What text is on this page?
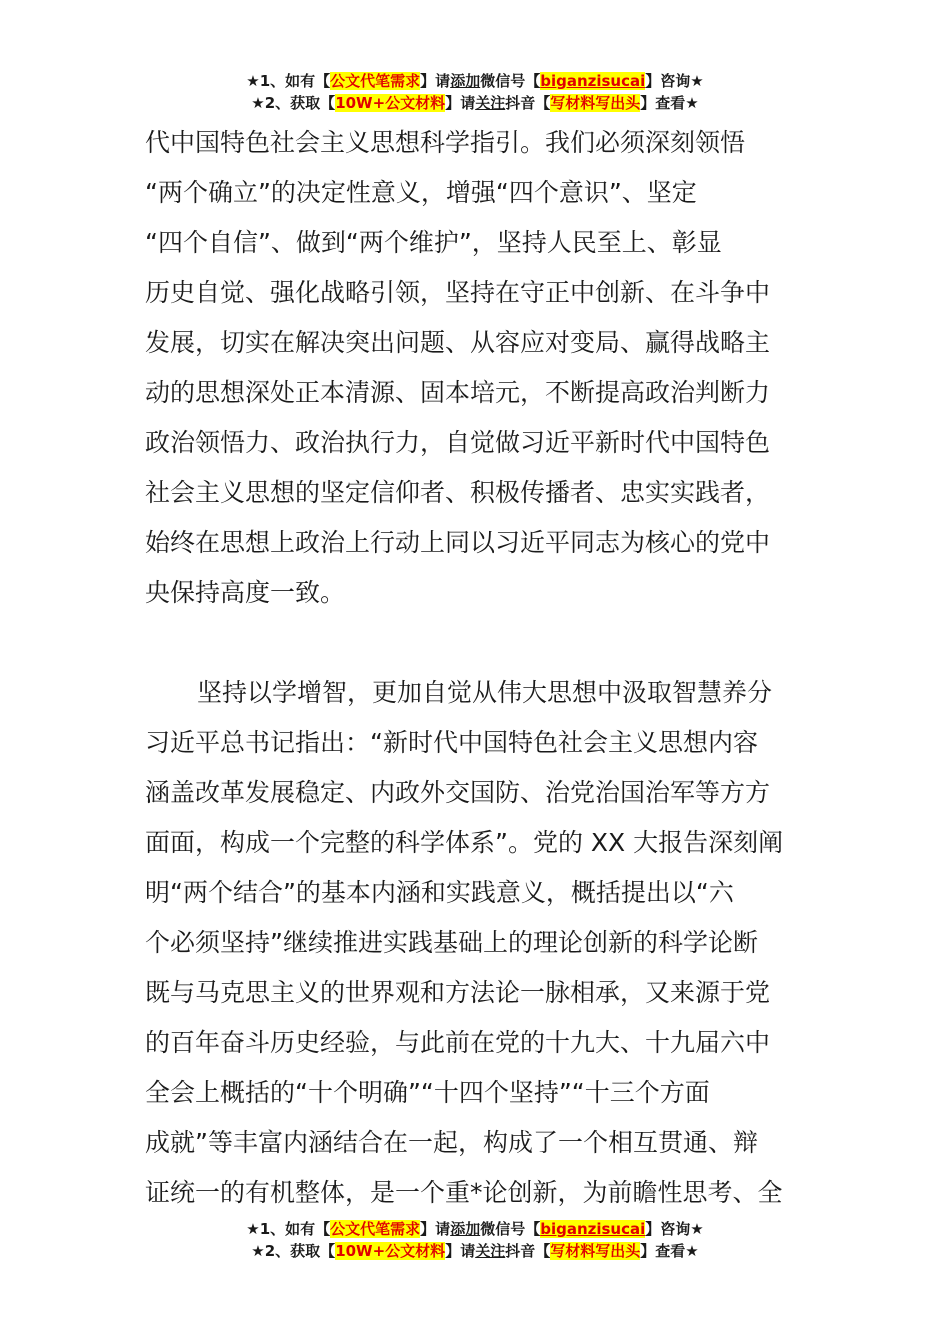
★1、如有【公文代笔需求】请添加微信号【biganzisucai】咨询★
★2、获取【10W+公文材料】请关注抖音【写材料写出头】查看★

代中国特色社会主义思想科学指引。我们必须深刻领悟
“两个确立”的决定性意义，增强“四个意识”、坚定
“四个自信”、做到“两个维护”，坚持人民至上、彰显
历史自觉、强化战略引领，坚持在守正中创新、在斗争中
发展，切实在解决突出问题、从容应对变局、赢得战略主
动的思想深处正本清源、固本培元，不断提高政治判断力
政治领悟力、政治执行力，自觉做习近平新时代中国特色
社会主义思想的坚定信仰者、积极传播者、忠实实践者，
始终在思想上政治上行动上同以习近平同志为核心的党中
央保持高度一致。

坚持以学增智，更加自觉从伟大思想中汲取智慧养分
习近平总书记指出：“新时代中国特色社会主义思想内容
涵盖改革发展稳定、内政外交国防、治党治国治军等方方
面面，构成一个完整的科学体系”。党的 XX 大报告深刻阐
明“两个结合”的基本内涵和实践意义，概括提出以“六
个必须坚持”继续推进实践基础上的理论创新的科学论断
既与马克思主义的世界观和方法论一脉相承，又来源于党
的百年奋斗历史经验，与此前在党的十九大、十九届六中
全会上概括的“十个明确”“十四个坚持”“十三个方面
成就”等丰富内涵结合在一起，构成了一个相互贯通、辩
证统一的有机整体，是一个重*论创新，为前瞻性思考、全

★1、如有【公文代笔需求】请添加微信号【biganzisucai】咨询★
★2、获取【10W+公文材料】请关注抖音【写材料写出头】查看★
